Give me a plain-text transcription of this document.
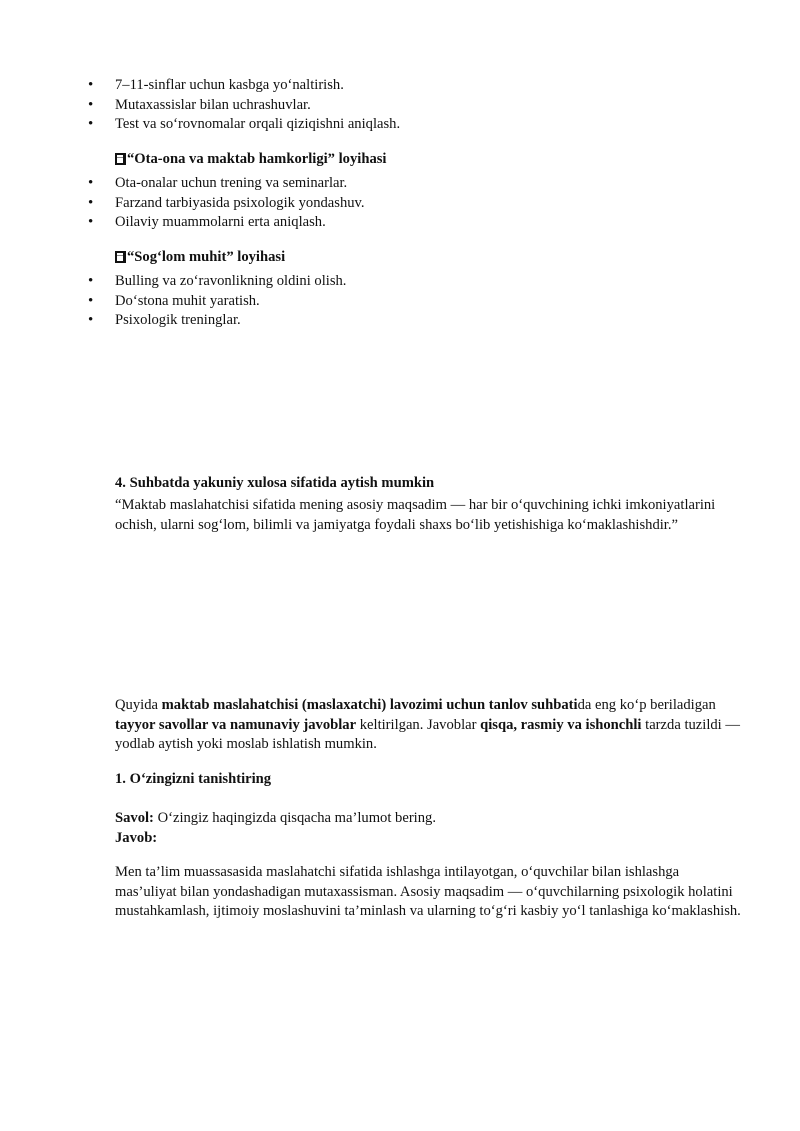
• 7–11-sinflar uchun kasbga yo‘naltirish.
• Mutaxassislar bilan uchrashuvlar.
• Test va so‘rovnomalar orqali qiziqishni aniqlash.

“Ota-ona va maktab hamkorligi” loyihasi

• Ota-onalar uchun trening va seminarlar.
• Farzand tarbiyasida psixologik yondashuv.
• Oilaviy muammolarni erta aniqlash.

“Sog‘lom muhit” loyihasi

• Bulling va zo‘ravonlikning oldini olish.
• Do‘stona muhit yaratish.
• Psixologik treninglar.

4. Suhbatda yakuniy xulosa sifatida aytish mumkin

“Maktab maslahatchisi sifatida mening asosiy maqsadim — har bir o‘quvchining ichki imkoniyatlarini ochish, ularni sog‘lom, bilimli va jamiyatga foydali shaxs bo‘lib yetishishiga ko‘maklashishdir.”

Quyida maktab maslahatchisi (maslaxatchi) lavozimi uchun tanlov suhbatida eng ko‘p beriladigan tayyor savollar va namunaviy javoblar keltirilgan. Javoblar qisqa, rasmiy va ishonchli tarzda tuzildi — yodlab aytish yoki moslab ishlatish mumkin.

1. O‘zingizni tanishtiring

Savol: O‘zingiz haqingizda qisqacha ma’lumot bering.
Javob:

Men ta’lim muassasasida maslahatchi sifatida ishlashga intilayotgan, o‘quvchilar bilan ishlashga mas’uliyat bilan yondashadigan mutaxassisman. Asosiy maqsadim — o‘quvchilarning psixologik holatini mustahkamlash, ijtimoiy moslashuvini ta’minlash va ularning to‘g‘ri kasbiy yo‘l tanlashiga ko‘maklashish.
